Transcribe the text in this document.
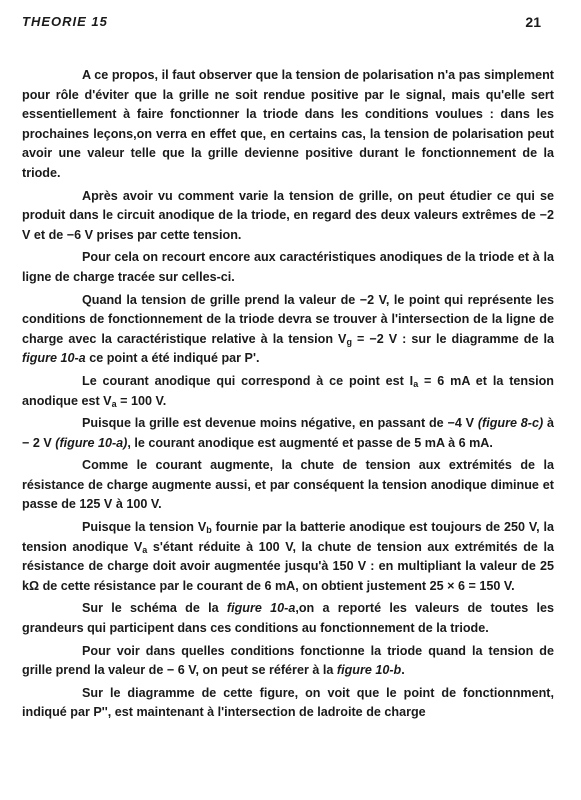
THEORIE 15	21

A ce propos, il faut observer que la tension de polarisation n'a pas simplement pour rôle d'éviter que la grille ne soit rendue positive par le signal, mais qu'elle sert essentiellement à faire fonctionner la triode dans les conditions voulues : dans les prochaines leçons,on verra en effet que, en certains cas, la tension de polarisation peut avoir une valeur telle que la grille devienne positive durant le fonctionnement de la triode.

Après avoir vu comment varie la tension de grille, on peut étudier ce qui se produit dans le circuit anodique de la triode, en regard des deux valeurs extrêmes de −2 V et de −6 V prises par cette tension.

Pour cela on recourt encore aux caractéristiques anodiques de la triode et à la ligne de charge tracée sur celles-ci.

Quand la tension de grille prend la valeur de −2 V, le point qui représente les conditions de fonctionnement de la triode devra se trouver à l'intersection de la ligne de charge avec la caractéristique relative à la tension $V_g = -2$ V : sur le diagramme de la figure 10-a ce point a été indiqué par P'.

Le courant anodique qui correspond à ce point est $I_a = 6$ mA et la tension anodique est $V_a = 100$ V.

Puisque la grille est devenue moins négative, en passant de −4 V (figure 8-c) à − 2 V (figure 10-a), le courant anodique est augmenté et passe de 5 mA à 6 mA.

Comme le courant augmente, la chute de tension aux extrémités de la résistance de charge augmente aussi, et par conséquent la tension anodique diminue et passe de 125 V à 100 V.

Puisque la tension $V_b$ fournie par la batterie anodique est toujours de 250 V, la tension anodique $V_a$ s'étant réduite à 100 V, la chute de tension aux extrémités de la résistance de charge doit avoir augmentée jusqu'à 150 V : en multipliant la valeur de 25 kΩ de cette résistance par le courant de 6 mA, on obtient justement 25 × 6 = 150 V.

Sur le schéma de la figure 10-a,on a reporté les valeurs de toutes les grandeurs qui participent dans ces conditions au fonctionnement de la triode.

Pour voir dans quelles conditions fonctionne la triode quand la tension de grille prend la valeur de − 6 V, on peut se référer à la figure 10-b.

Sur le diagramme de cette figure, on voit que le point de fonctionnment, indiqué par P'', est maintenant à l'intersection de ladroite de charge
